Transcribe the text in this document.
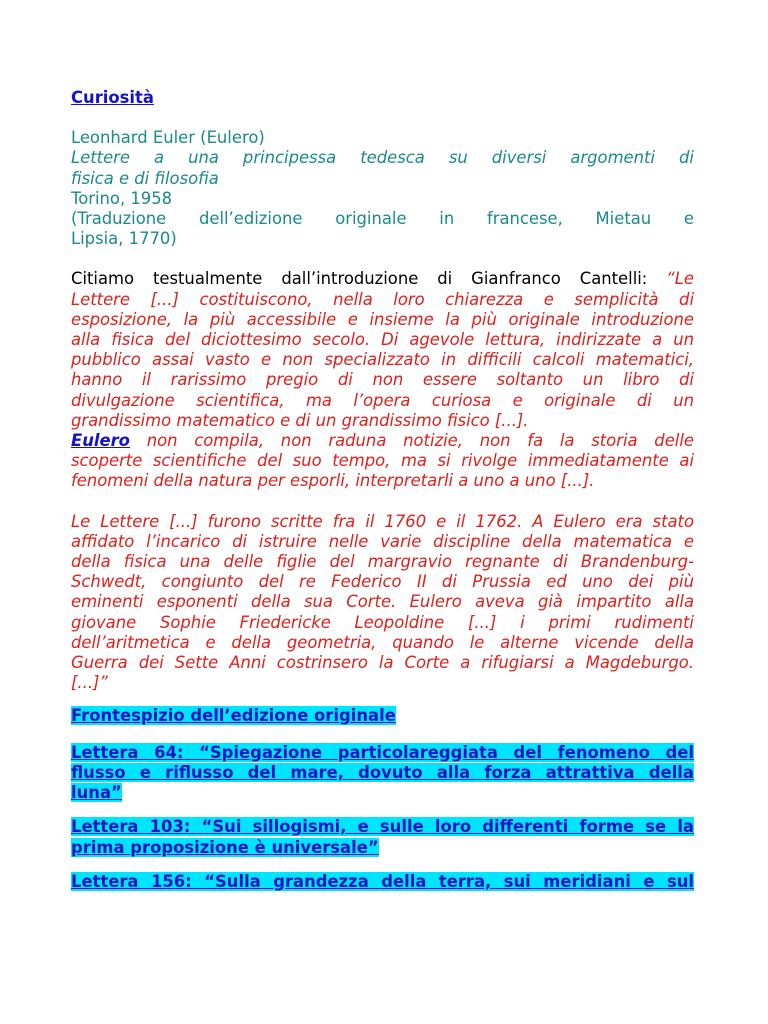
Curiosità
Leonhard Euler (Eulero)
Lettere a una principessa tedesca su diversi argomenti di
fisica e di filosofia
Torino, 1958
(Traduzione dell’edizione originale in francese, Mietau e
Lipsia, 1770)
Citiamo testualmente dall’introduzione di Gianfranco Cantelli: “Le
Lettere [...] costituiscono, nella loro chiarezza e semplicità di
esposizione, la più accessibile e insieme la più originale introduzione
alla fisica del diciottesimo secolo. Di agevole lettura, indirizzate a un
pubblico assai vasto e non specializzato in difficili calcoli matematici,
hanno il rarissimo pregio di non essere soltanto un libro di
divulgazione scientifica, ma l’opera curiosa e originale di un
grandissimo matematico e di un grandissimo fisico [...].
Eulero non compila, non raduna notizie, non fa la storia delle
scoperte scientifiche del suo tempo, ma si rivolge immediatamente ai
fenomeni della natura per esporli, interpretarli a uno a uno [...].
Le Lettere [...] furono scritte fra il 1760 e il 1762. A Eulero era stato
affidato l’incarico di istruire nelle varie discipline della matematica e
della fisica una delle figlie del margravio regnante di Brandenburg-
Schwedt, congiunto del re Federico II di Prussia ed uno dei più
eminenti esponenti della sua Corte. Eulero aveva già impartito alla
giovane Sophie Friedericke Leopoldine [...] i primi rudimenti
dell’aritmetica e della geometria, quando le alterne vicende della
Guerra dei Sette Anni costrinsero la Corte a rifugiarsi a Magdeburgo.
[...]”
Frontespizio dell’edizione originale
Lettera 64: “Spiegazione particolareggiata del fenomeno del
flusso e riflusso del mare, dovuto alla forza attrattiva della
luna”
Lettera 103: “Sui sillogismi, e sulle loro differenti forme se la
prima proposizione è universale”
Lettera 156: “Sulla grandezza della terra, sui meridiani e sul
